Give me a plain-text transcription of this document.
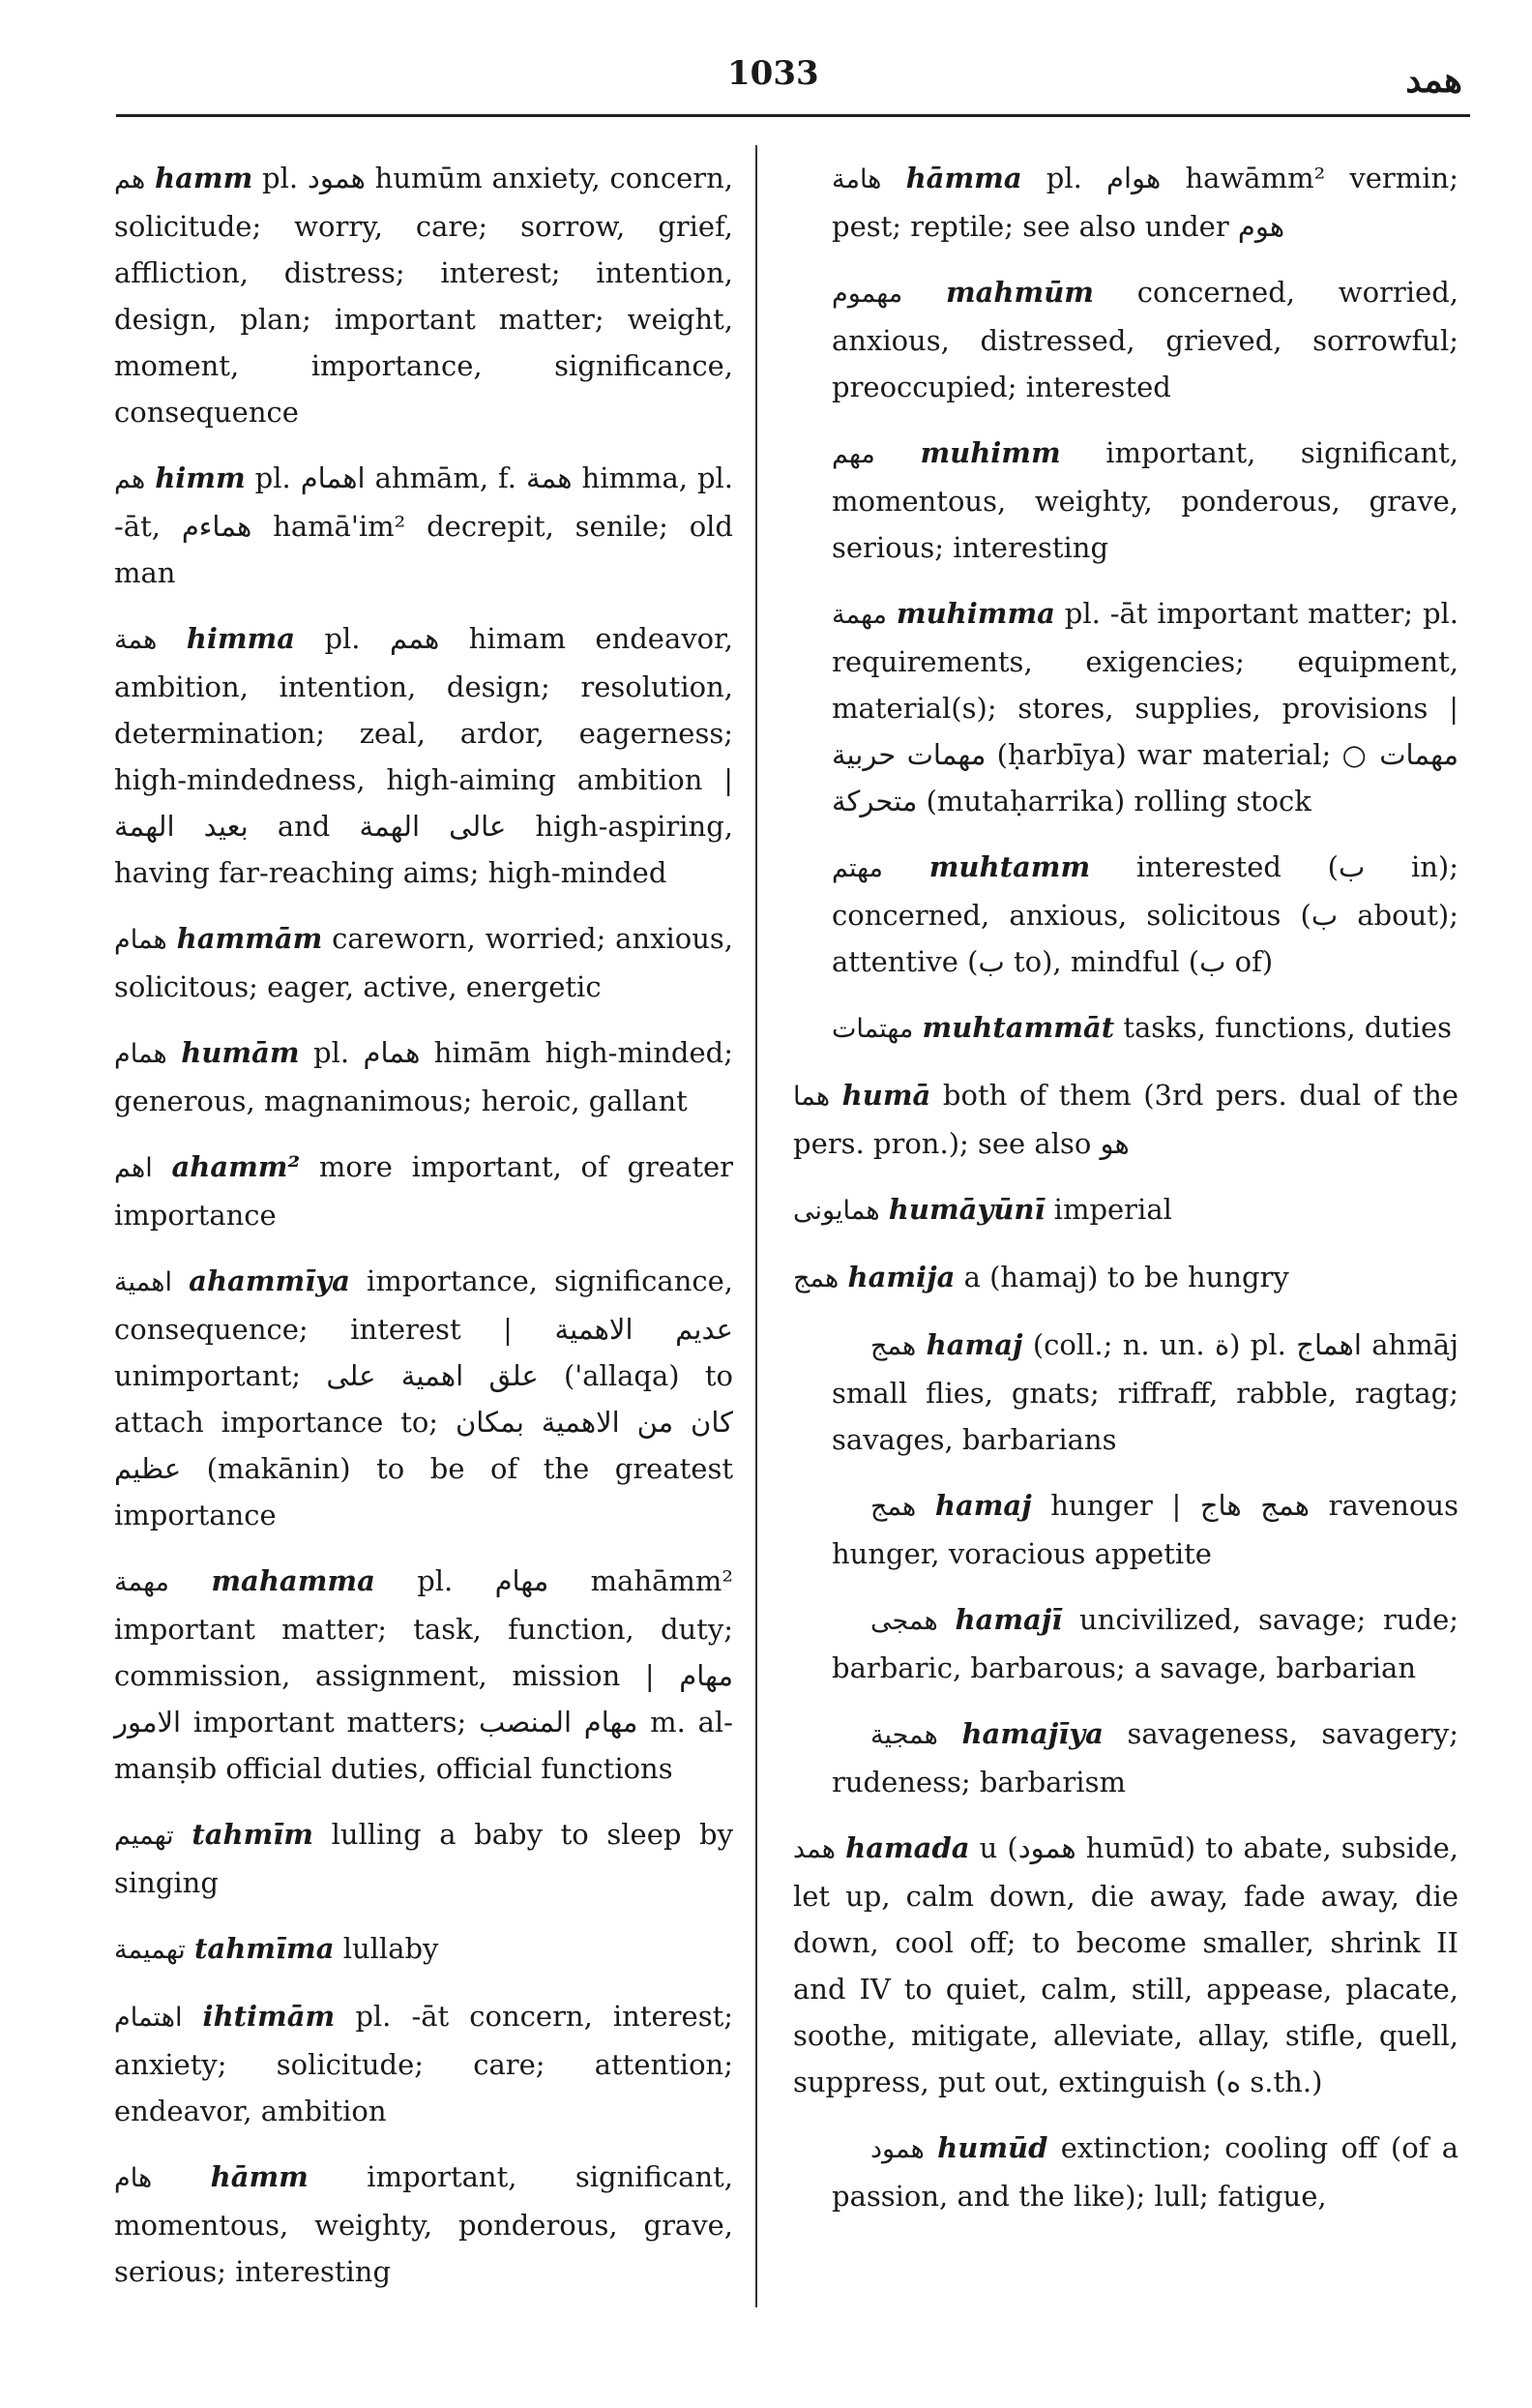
1033	همد
هم hamm pl. همود humūm anxiety, concern, solicitude; worry, care; sorrow, grief, affliction, distress; interest; intention, design, plan; important matter; weight, moment, importance, significance, consequence
هم himm pl. اهمام ahmām, f. همة himma, pl. -āt, هماءم hamā'im² decrepit, senile; old man
همة himma pl. همم himam endeavor, ambition, intention, design; resolution, determination; zeal, ardor, eagerness; high-mindedness, high-aiming ambition | بعيد الهمة and عالى الهمة high-aspiring, having far-reaching aims; high-minded
همام hammām careworn, worried; anxious, solicitous; eager, active, energetic
همام humām pl. همام himām high-minded; generous, magnanimous; heroic, gallant
اهم ahamm² more important, of greater importance
اهمية ahammīya importance, significance, consequence; interest | عديم الاهمية unimportant; علق اهمية على ('allaqa) to attach importance to; كان من الاهمية بمكان عظيم (makānin) to be of the greatest importance
مهمة mahamma pl. مهام mahāmm² important matter; task, function, duty; commission, assignment, mission | مهام الامور important matters; مهام المنصب m. al-manṣib official duties, official functions
تهميم tahmīm lulling a baby to sleep by singing
تهميمة tahmīma lullaby
اهتمام ihtimām pl. -āt concern, interest; anxiety; solicitude; care; attention; endeavor, ambition
هام hāmm important, significant, momentous, weighty, ponderous, grave, serious; interesting
هامة hāmma pl. هوام hawāmm² vermin; pest; reptile; see also under هوم
مهموم mahmūm concerned, worried, anxious, distressed, grieved, sorrowful; preoccupied; interested
مهم muhimm important, significant, momentous, weighty, ponderous, grave, serious; interesting
مهمة muhimma pl. -āt important matter; pl. requirements, exigencies; equipment, material(s); stores, supplies, provisions | مهمات حربية (ḥarbīya) war material; ○ مهمات متحركة (mutaḥarrika) rolling stock
مهتم muhtamm interested (ب in); concerned, anxious, solicitous (ب about); attentive (ب to), mindful (ب of)
مهتمات muhtammāt tasks, functions, duties
هما humā both of them (3rd pers. dual of the pers. pron.); see also هو
همايونى humāyūnī imperial
همج hamija a (hamaj) to be hungry
همج hamaj (coll.; n. un. ة) pl. اهماج ahmāj small flies, gnats; riffraff, rabble, ragtag; savages, barbarians
همج hamaj hunger | همج هاج ravenous hunger, voracious appetite
همجى hamajī uncivilized, savage; rude; barbaric, barbarous; a savage, barbarian
همجية hamajīya savageness, savagery; rudeness; barbarism
همد hamada u (همود humūd) to abate, subside, let up, calm down, die away, fade away, die down, cool off; to become smaller, shrink II and IV to quiet, calm, still, appease, placate, soothe, mitigate, alleviate, allay, stifle, quell, suppress, put out, extinguish (ه s.th.)
همود humūd extinction; cooling off (of a passion, and the like); lull; fatigue,
